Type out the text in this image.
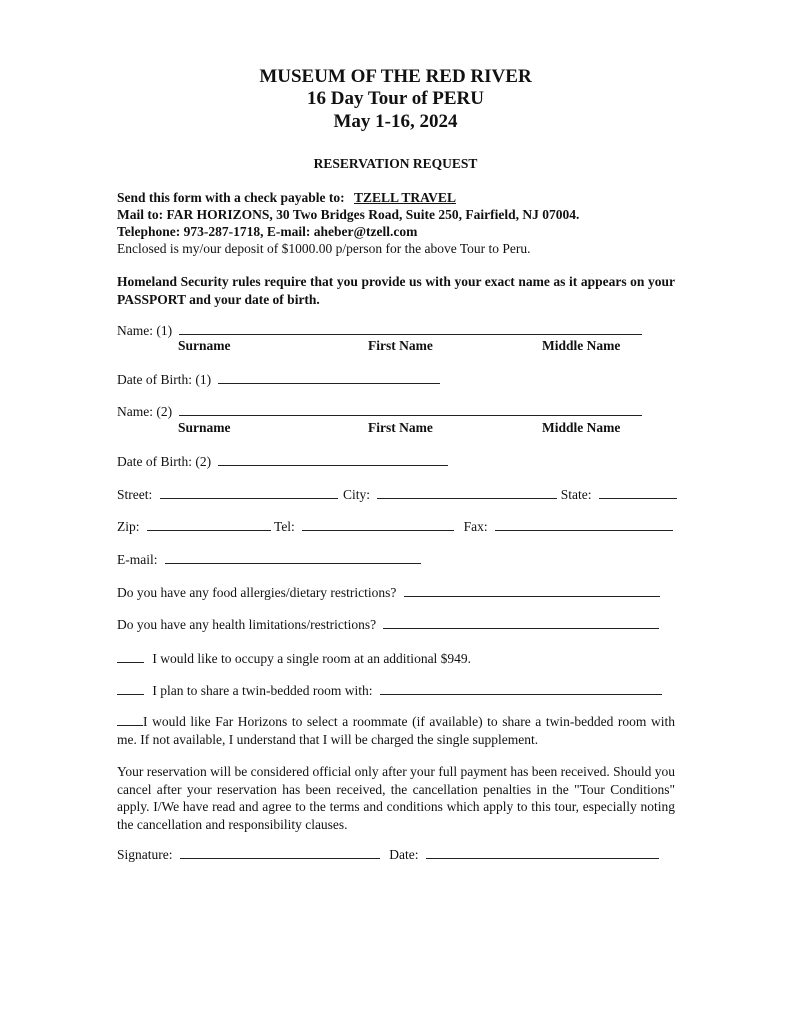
MUSEUM OF THE RED RIVER
16 Day Tour of PERU
May 1-16, 2024
RESERVATION REQUEST
Send this form with a check payable to: TZELL TRAVEL
Mail to: FAR HORIZONS, 30 Two Bridges Road, Suite 250, Fairfield, NJ 07004.
Telephone: 973-287-1718, E-mail: aheber@tzell.com
Enclosed is my/our deposit of $1000.00 p/person for the above Tour to Peru.
Homeland Security rules require that you provide us with your exact name as it appears on your PASSPORT and your date of birth.
Name: (1)
Surname	First Name	Middle Name
Date of Birth: (1)
Name: (2)
Surname	First Name	Middle Name
Date of Birth: (2)
Street:	City:	State:
Zip:	Tel:	Fax:
E-mail:
Do you have any food allergies/dietary restrictions?
Do you have any health limitations/restrictions?
I would like to occupy a single room at an additional $949.
I plan to share a twin-bedded room with:
I would like Far Horizons to select a roommate (if available) to share a twin-bedded room with me. If not available, I understand that I will be charged the single supplement.
Your reservation will be considered official only after your full payment has been received. Should you cancel after your reservation has been received, the cancellation penalties in the "Tour Conditions" apply. I/We have read and agree to the terms and conditions which apply to this tour, especially noting the cancellation and responsibility clauses.
Signature:	Date:
